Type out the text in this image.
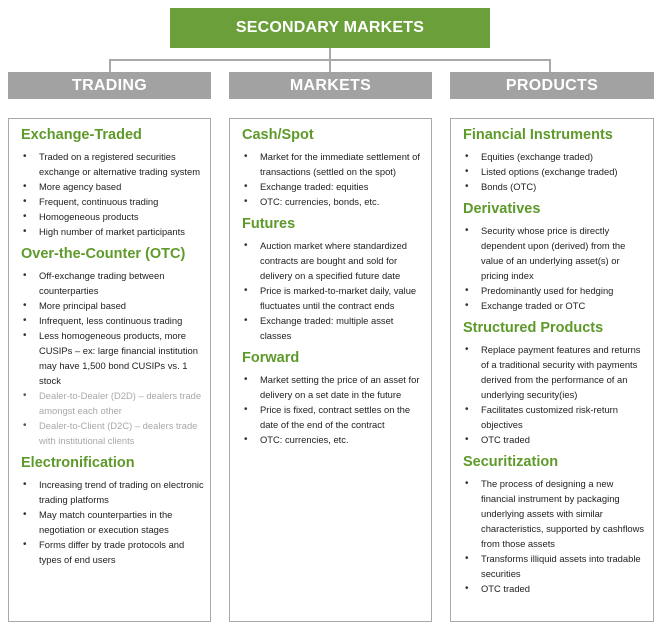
SECONDARY MARKETS
TRADING	MARKETS	PRODUCTS
Exchange-Traded
• Traded on a registered securities exchange or alternative trading system
• More agency based
• Frequent, continuous trading
• Homogeneous products
• High number of market participants
Over-the-Counter (OTC)
• Off-exchange trading between counterparties
• More principal based
• Infrequent, less continuous trading
• Less homogeneous products, more CUSIPs – ex: large financial institution may have 1,500 bond CUSIPs vs. 1 stock
• Dealer-to-Dealer (D2D) – dealers trade amongst each other
• Dealer-to-Client (D2C) – dealers trade with institutional clients
Electronification
• Increasing trend of trading on electronic trading platforms
• May match counterparties in the negotiation or execution stages
• Forms differ by trade protocols and types of end users
Cash/Spot
• Market for the immediate settlement of transactions (settled on the spot)
• Exchange traded: equities
• OTC: currencies, bonds, etc.
Futures
• Auction market where standardized contracts are bought and sold for delivery on a specified future date
• Price is marked-to-market daily, value fluctuates until the contract ends
• Exchange traded: multiple asset classes
Forward
• Market setting the price of an asset for delivery on a set date in the future
• Price is fixed, contract settles on the date of the end of the contract
• OTC: currencies, etc.
Financial Instruments
• Equities (exchange traded)
• Listed options (exchange traded)
• Bonds (OTC)
Derivatives
• Security whose price is directly dependent upon (derived) from the value of an underlying asset(s) or pricing index
• Predominantly used for hedging
• Exchange traded or OTC
Structured Products
• Replace payment features and returns of a traditional security with payments derived from the performance of an underlying security(ies)
• Facilitates customized risk-return objectives
• OTC traded
Securitization
• The process of designing a new financial instrument by packaging underlying assets with similar characteristics, supported by cashflows from those assets
• Transforms illiquid assets into tradable securities
• OTC traded
